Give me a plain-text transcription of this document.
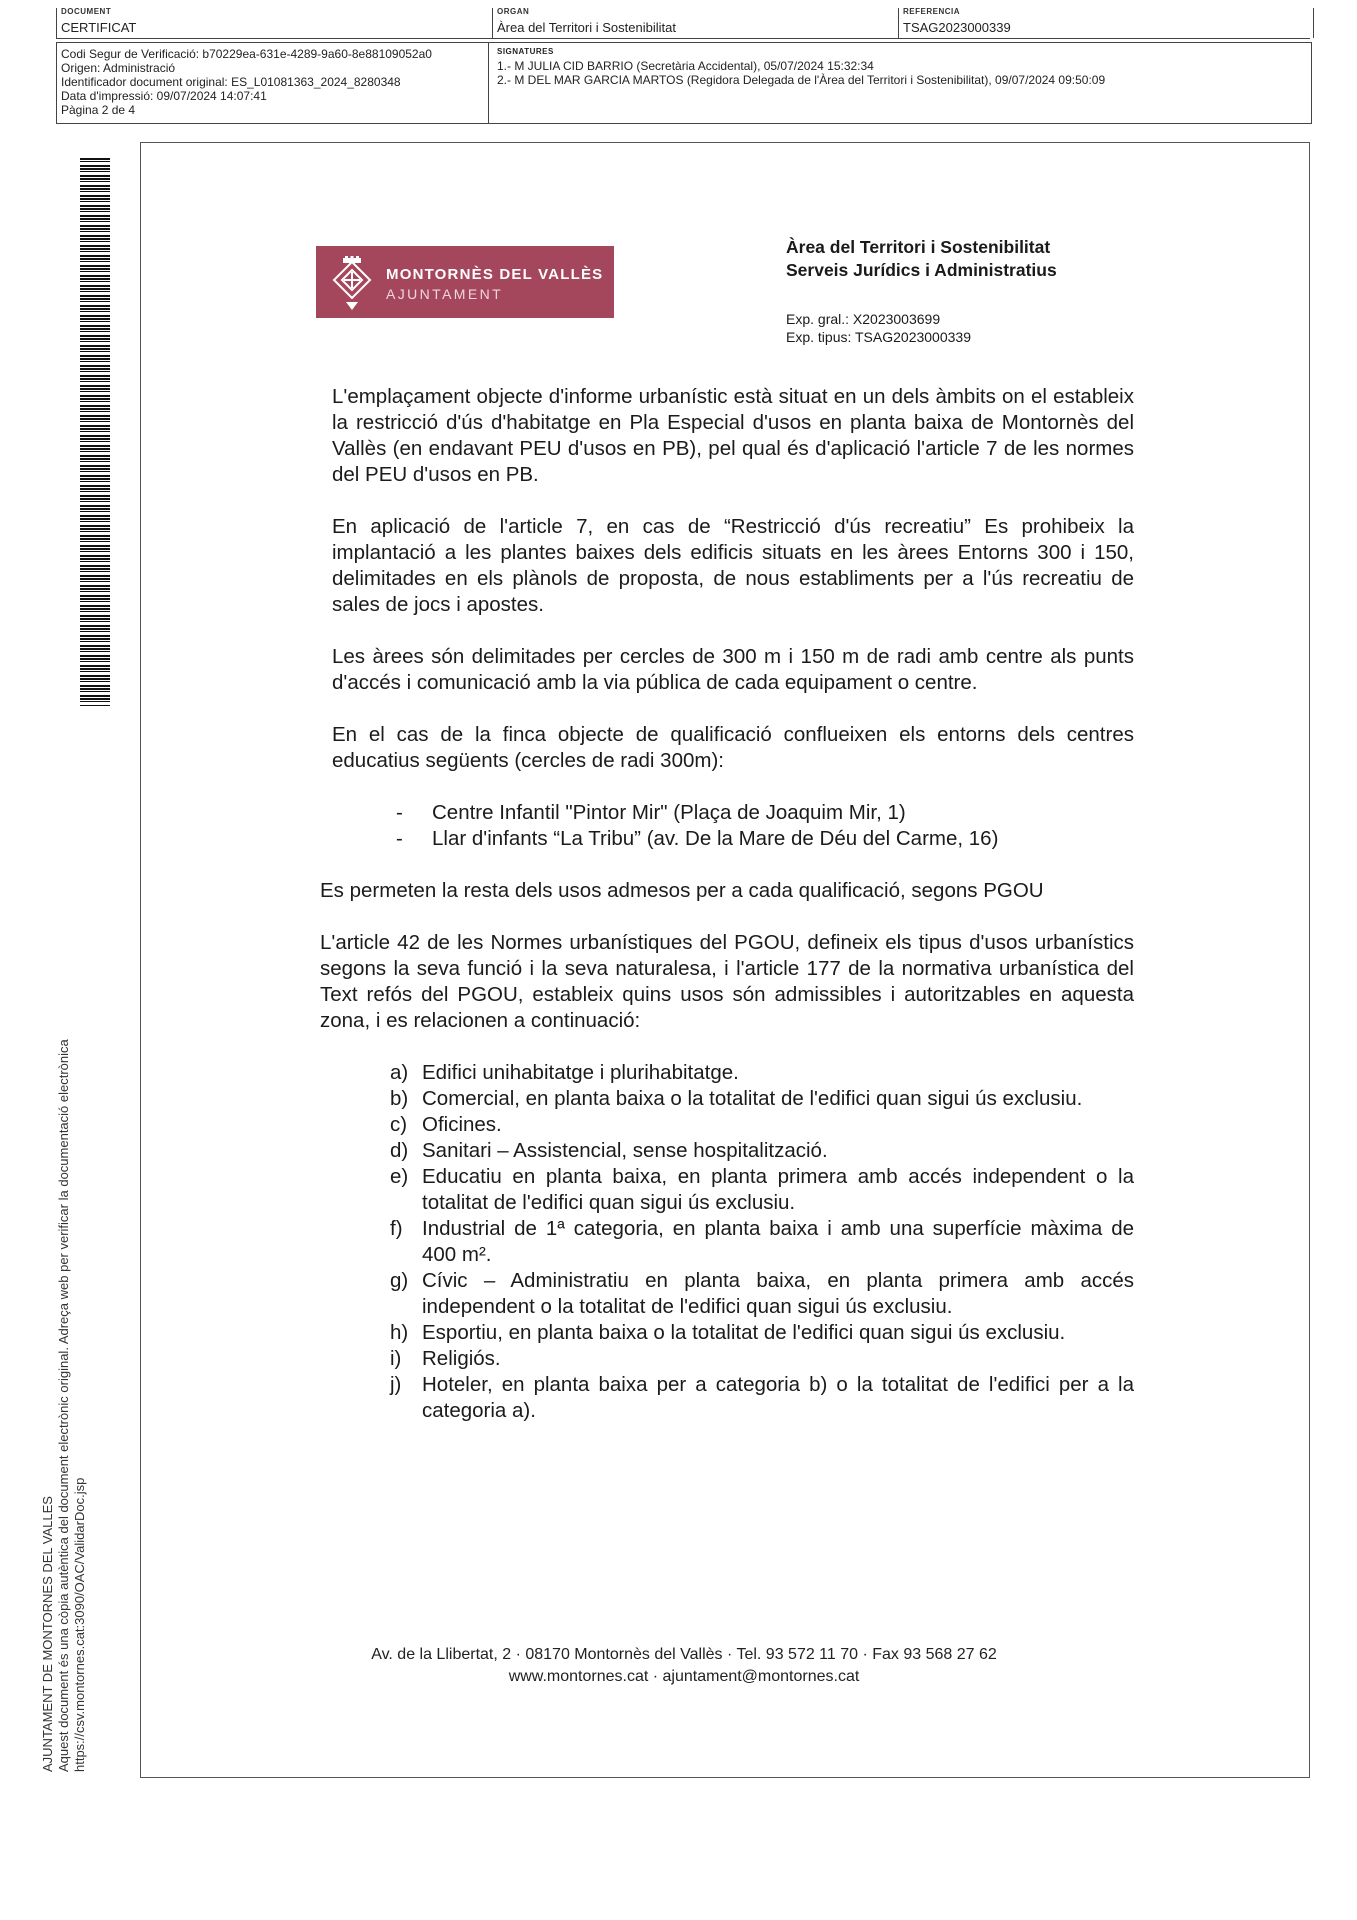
DOCUMENT
CERTIFICAT
ÒRGAN
Àrea del Territori i Sostenibilitat
REFERÈNCIA
TSAG2023000339
Codi Segur de Verificació: b70229ea-631e-4289-9a60-8e88109052a0
Origen: Administració
Identificador document original: ES_L01081363_2024_8280348
Data d'impressió: 09/07/2024 14:07:41
Pàgina 2 de 4
SIGNATURES
1.- M JULIA CID BARRIO (Secretària Accidental), 05/07/2024 15:32:34
2.- M DEL MAR GARCIA MARTOS (Regidora Delegada de l'Àrea del Territori i Sostenibilitat), 09/07/2024 09:50:09
AJUNTAMENT DE MONTORNES DEL VALLES Aquest document és una còpia autèntica del document electrònic original. Adreça web per verificar la documentació electrònica https://csv.montornes.cat:3090/OAC/ValidarDoc.jsp
MONTORNÈS DEL VALLÈS
AJUNTAMENT
Àrea del Territori i Sostenibilitat
Serveis Jurídics i Administratius
Exp. gral.: X2023003699
Exp. tipus: TSAG2023000339

L'emplaçament objecte d'informe urbanístic està situat en un dels àmbits on el estableix la restricció d'ús d'habitatge en Pla Especial d'usos en planta baixa de Montornès del Vallès (en endavant PEU d'usos en PB), pel qual és d'aplicació l'article 7 de les normes del PEU d'usos en PB.

En aplicació de l'article 7, en cas de “Restricció d'ús recreatiu” Es prohibeix la implantació a les plantes baixes dels edificis situats en les àrees Entorns 300 i 150, delimitades en els plànols de proposta, de nous establiments per a l'ús recreatiu de sales de jocs i apostes.

Les àrees són delimitades per cercles de 300 m i 150 m de radi amb centre als punts d'accés i comunicació amb la via pública de cada equipament o centre.

En el cas de la finca objecte de qualificació conflueixen els entorns dels centres educatius següents (cercles de radi 300m):

- Centre Infantil "Pintor Mir" (Plaça de Joaquim Mir, 1)
- Llar d'infants “La Tribu” (av. De la Mare de Déu del Carme, 16)

Es permeten la resta dels usos admesos per a cada qualificació, segons PGOU

L'article 42 de les Normes urbanístiques del PGOU, defineix els tipus d'usos urbanístics segons la seva funció i la seva naturalesa, i l'article 177 de la normativa urbanística del Text refós del PGOU, estableix quins usos són admissibles i autoritzables en aquesta zona, i es relacionen a continuació:

a) Edifici unihabitatge i plurihabitatge.
b) Comercial, en planta baixa o la totalitat de l'edifici quan sigui ús exclusiu.
c) Oficines.
d) Sanitari – Assistencial, sense hospitalització.
e) Educatiu en planta baixa, en planta primera amb accés independent o la totalitat de l'edifici quan sigui ús exclusiu.
f) Industrial de 1ª categoria, en planta baixa i amb una superfície màxima de 400 m².
g) Cívic – Administratiu en planta baixa, en planta primera amb accés independent o la totalitat de l'edifici quan sigui ús exclusiu.
h) Esportiu, en planta baixa o la totalitat de l'edifici quan sigui ús exclusiu.
i) Religiós.
j) Hoteler, en planta baixa per a categoria b) o la totalitat de l'edifici per a la categoria a).
Av. de la Llibertat, 2 · 08170 Montornès del Vallès · Tel. 93 572 11 70 · Fax 93 568 27 62
www.montornes.cat · ajuntament@montornes.cat
